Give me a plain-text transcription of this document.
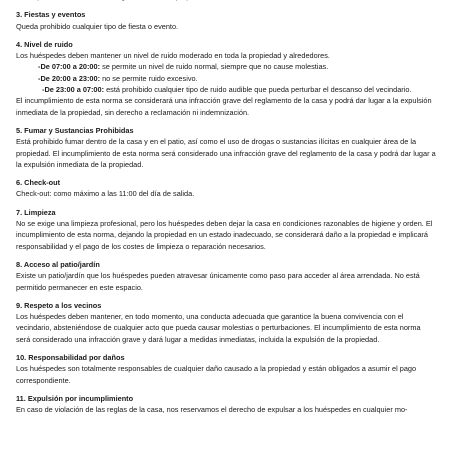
3. Fiestas y eventos

Queda prohibido cualquier tipo de fiesta o evento.

4. Nivel de ruido

Los huéspedes deben mantener un nivel de ruido moderado en toda la propiedad y alrededores.

-De 07:00 a 20:00: se permite un nivel de ruido normal, siempre que no cause molestias.

-De 20:00 a 23:00: no se permite ruido excesivo.

-De 23:00 a 07:00: está prohibido cualquier tipo de ruido audible que pueda perturbar el descanso del vecindario.

El incumplimiento de esta norma se considerará una infracción grave del reglamento de la casa y podrá dar lugar a la expulsión inmediata de la propiedad, sin derecho a reclamación ni indemnización.

5. Fumar y Sustancias Prohibidas

Está prohibido fumar dentro de la casa y en el patio, así como el uso de drogas o sustancias ilícitas en cualquier área de la propiedad. El incumplimiento de esta norma será considerado una infracción grave del reglamento de la casa y podrá dar lugar a la expulsión inmediata de la propiedad.

6. Check-out

Check-out: como máximo a las 11:00 del día de salida.

7. Limpieza

No se exige una limpieza profesional, pero los huéspedes deben dejar la casa en condiciones razonables de higiene y orden. El incumplimiento de esta norma, dejando la propiedad en un estado inadecuado, se considerará daño a la propiedad e implicará responsabilidad y el pago de los costes de limpieza o reparación necesarios.

8. Acceso al patio/jardín

Existe un patio/jardín que los huéspedes pueden atravesar únicamente como paso para acceder al área arrendada. No está permitido permanecer en este espacio.

9. Respeto a los vecinos

Los huéspedes deben mantener, en todo momento, una conducta adecuada que garantice la buena convivencia con el vecindario, absteniéndose de cualquier acto que pueda causar molestias o perturbaciones. El incumplimiento de esta norma será considerado una infracción grave y dará lugar a medidas inmediatas, incluida la expulsión de la propiedad.

10. Responsabilidad por daños

Los huéspedes son totalmente responsables de cualquier daño causado a la propiedad y están obligados a asumir el pago correspondiente.

11. Expulsión por incumplimiento

En caso de violación de las reglas de la casa, nos reservamos el derecho de expulsar a los huéspedes en cualquier mo-
